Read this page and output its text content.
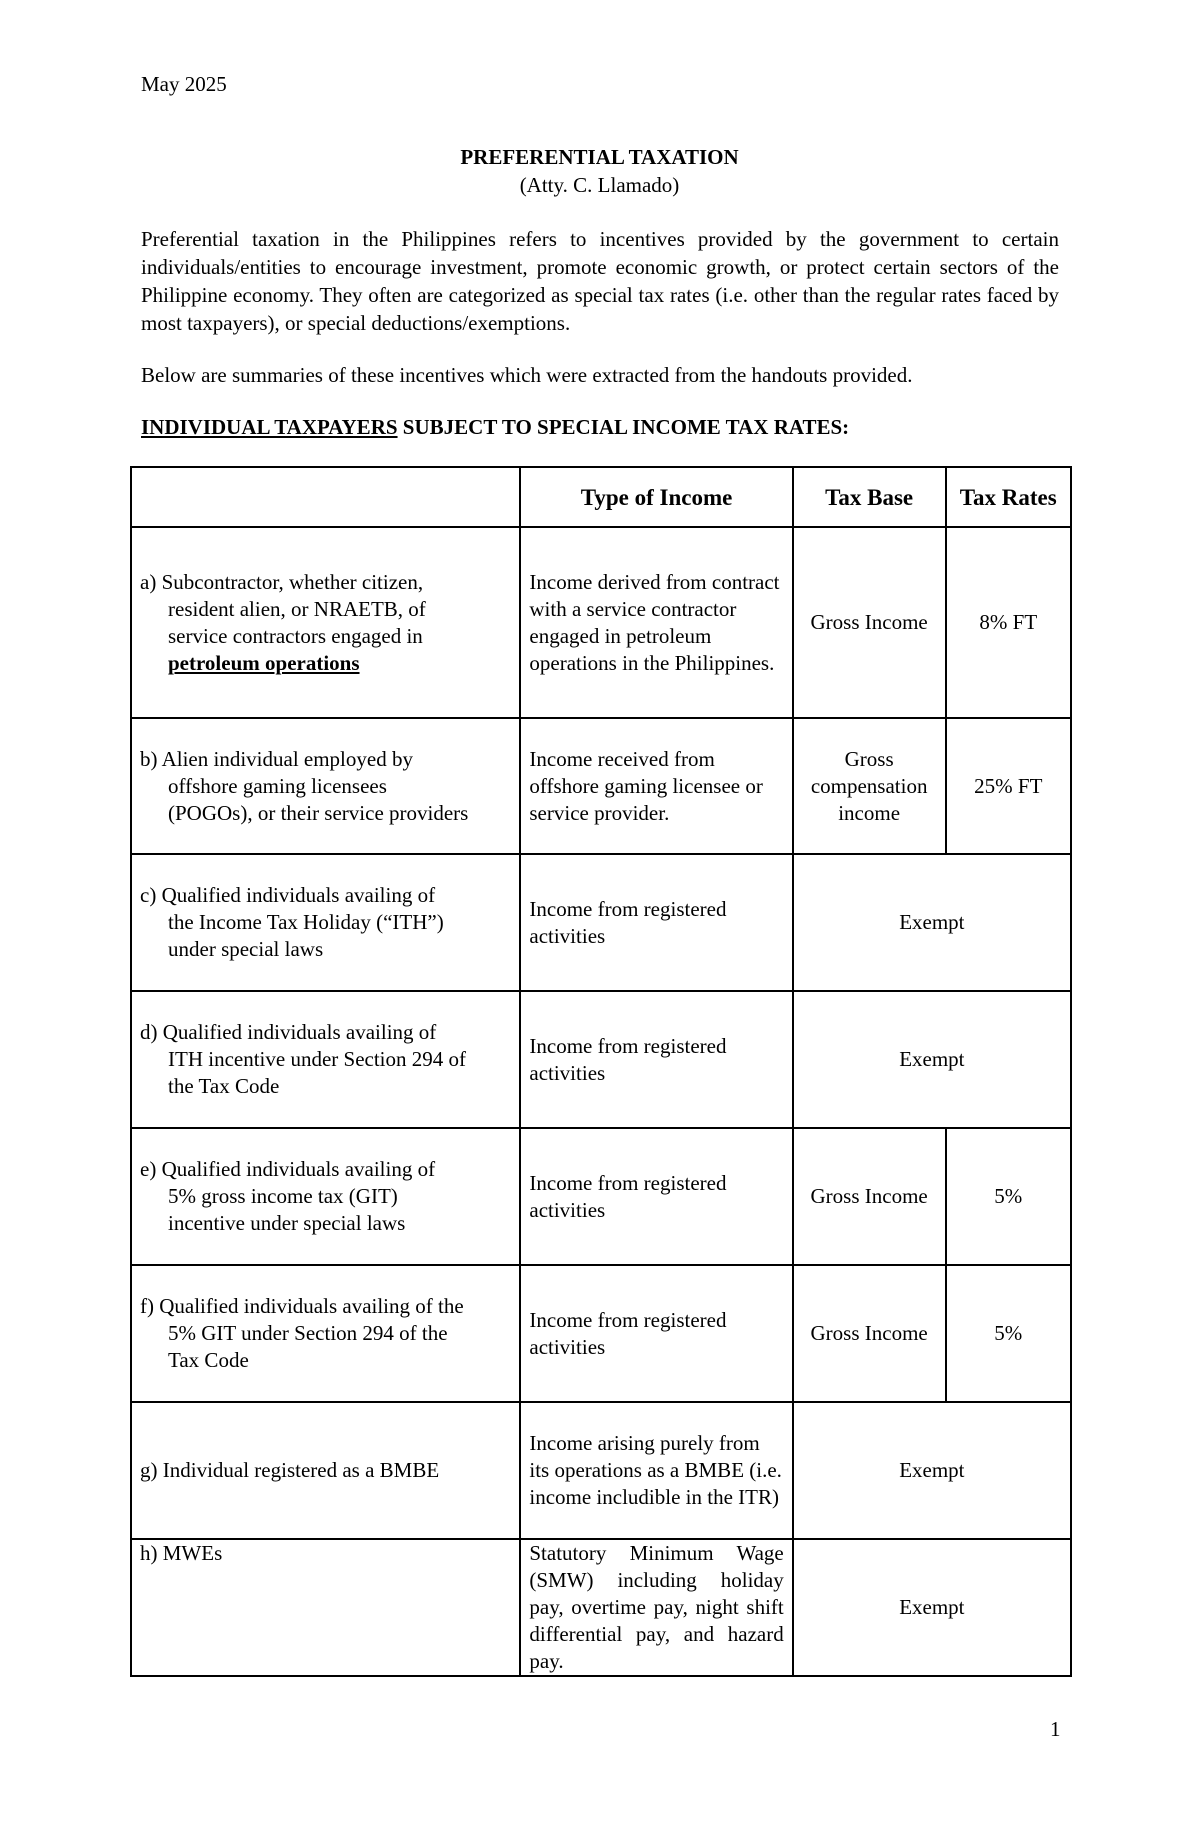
May 2025
PREFERENTIAL TAXATION
(Atty. C. Llamado)

Preferential taxation in the Philippines refers to incentives provided by the government to certain individuals/entities to encourage investment, promote economic growth, or protect certain sectors of the Philippine economy. They often are categorized as special tax rates (i.e. other than the regular rates faced by most taxpayers), or special deductions/exemptions.

Below are summaries of these incentives which were extracted from the handouts provided.

INDIVIDUAL TAXPAYERS SUBJECT TO SPECIAL INCOME TAX RATES:
	Type of Income	Tax Base	Tax Rates

a) Subcontractor, whether citizen,
resident alien, or NRAETB, of
service contractors engaged in
petroleum operations	Income derived from contract with a service contractor engaged in petroleum operations in the Philippines.	Gross Income	8% FT

b) Alien individual employed by
offshore gaming licensees
(POGOs), or their service providers	Income received from offshore gaming licensee or service provider.	Gross compensation income	25% FT

c) Qualified individuals availing of
the Income Tax Holiday (“ITH”)
under special laws	Income from registered activities	Exempt	

d) Qualified individuals availing of
ITH incentive under Section 294 of
the Tax Code	Income from registered activities	Exempt	

e) Qualified individuals availing of
5% gross income tax (GIT)
incentive under special laws	Income from registered activities	Gross Income	5%

f) Qualified individuals availing of the
5% GIT under Section 294 of the
Tax Code	Income from registered activities	Gross Income	5%

g) Individual registered as a BMBE	Income arising purely from its operations as a BMBE (i.e. income includible in the ITR)	Exempt	

h) MWEs	Statutory Minimum Wage (SMW) including holiday pay, overtime pay, night shift differential pay, and hazard pay.	Exempt	
1
